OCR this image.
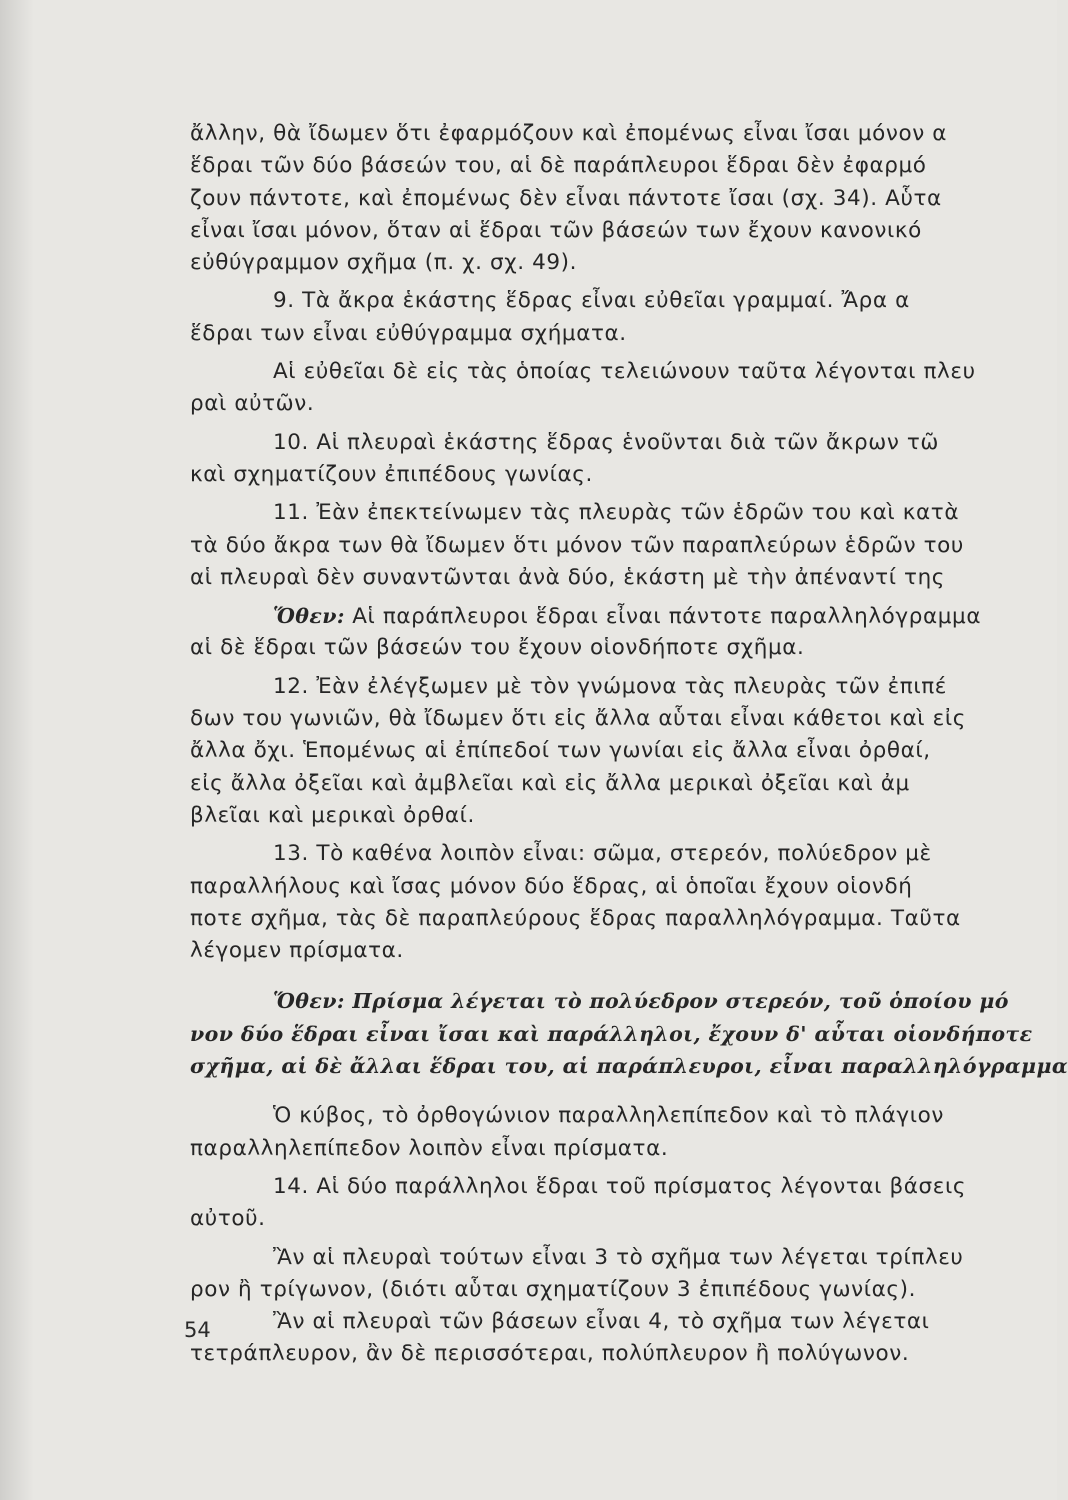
ἄλλην, θὰ ἴδωμεν ὅτι ἐφαρμόζουν καὶ ἐπομένως εἶναι ἴσαι μόνον α
ἕδραι τῶν δύο βάσεών του, αἱ δὲ παράπλευροι ἕδραι δὲν ἐφαρμό
ζουν πάντοτε, καὶ ἐπομένως δὲν εἶναι πάντοτε ἴσαι (σχ. 34). Αὗτα
εἶναι ἴσαι μόνον, ὅταν αἱ ἕδραι τῶν βάσεών των ἔχουν κανονικό
εὐθύγραμμον σχῆμα (π. χ. σχ. 49).
9. Τὰ ἄκρα ἑκάστης ἕδρας εἶναι εὐθεῖαι γραμμαί. Ἄρα α
ἕδραι των εἶναι εὐθύγραμμα σχήματα.
Αἱ εὐθεῖαι δὲ εἰς τὰς ὁποίας τελειώνουν ταῦτα λέγονται πλευ
ραὶ αὐτῶν.
10. Αἱ πλευραὶ ἑκάστης ἕδρας ἑνοῦνται διὰ τῶν ἄκρων τῶ
καὶ σχηματίζουν ἐπιπέδους γωνίας.
11. Ἐὰν ἐπεκτείνωμεν τὰς πλευρὰς τῶν ἑδρῶν του καὶ κατὰ
τὰ δύο ἄκρα των θὰ ἴδωμεν ὅτι μόνον τῶν παραπλεύρων ἑδρῶν του
αἱ πλευραὶ δὲν συναντῶνται ἀνὰ δύο, ἑκάστη μὲ τὴν ἀπέναντί της
Ὅθεν: Αἱ παράπλευροι ἕδραι εἶναι πάντοτε παραλληλόγραμμα
αἱ δὲ ἕδραι τῶν βάσεών του ἔχουν οἱονδήποτε σχῆμα.
12. Ἐὰν ἐλέγξωμεν μὲ τὸν γνώμονα τὰς πλευρὰς τῶν ἐπιπέ
δων του γωνιῶν, θὰ ἴδωμεν ὅτι εἰς ἄλλα αὗται εἶναι κάθετοι καὶ εἰς
ἄλλα ὄχι. Ἑπομένως αἱ ἐπίπεδοί των γωνίαι εἰς ἄλλα εἶναι ὀρθαί,
εἰς ἄλλα ὀξεῖαι καὶ ἀμβλεῖαι καὶ εἰς ἄλλα μερικαὶ ὀξεῖαι καὶ ἀμ
βλεῖαι καὶ μερικαὶ ὀρθαί.
13. Τὸ καθένα λοιπὸν εἶναι: σῶμα, στερεόν, πολύεδρον μὲ
παραλλήλους καὶ ἴσας μόνον δύο ἕδρας, αἱ ὁποῖαι ἔχουν οἱονδή
ποτε σχῆμα, τὰς δὲ παραπλεύρους ἕδρας παραλληλόγραμμα. Ταῦτα
λέγομεν πρίσματα.
Ὅθεν: Πρίσμα λέγεται τὸ πολύεδρον στερεόν, τοῦ ὁποίου μό
νον δύο ἕδραι εἶναι ἴσαι καὶ παράλληλοι, ἔχουν δ' αὗται οἱονδήποτε
σχῆμα, αἱ δὲ ἄλλαι ἕδραι του, αἱ παράπλευροι, εἶναι παραλληλόγραμμα
Ὁ κύβος, τὸ ὀρθογώνιον παραλληλεπίπεδον καὶ τὸ πλάγιον
παραλληλεπίπεδον λοιπὸν εἶναι πρίσματα.
14. Αἱ δύο παράλληλοι ἕδραι τοῦ πρίσματος λέγονται βάσεις
αὐτοῦ.
Ἂν αἱ πλευραὶ τούτων εἶναι 3 τὸ σχῆμα των λέγεται τρίπλευ
ρον ἢ τρίγωνον, (διότι αὗται σχηματίζουν 3 ἐπιπέδους γωνίας).
Ἂν αἱ πλευραὶ τῶν βάσεων εἶναι 4, τὸ σχῆμα των λέγεται
τετράπλευρον, ἂν δὲ περισσότεραι, πολύπλευρον ἢ πολύγωνον.
54
